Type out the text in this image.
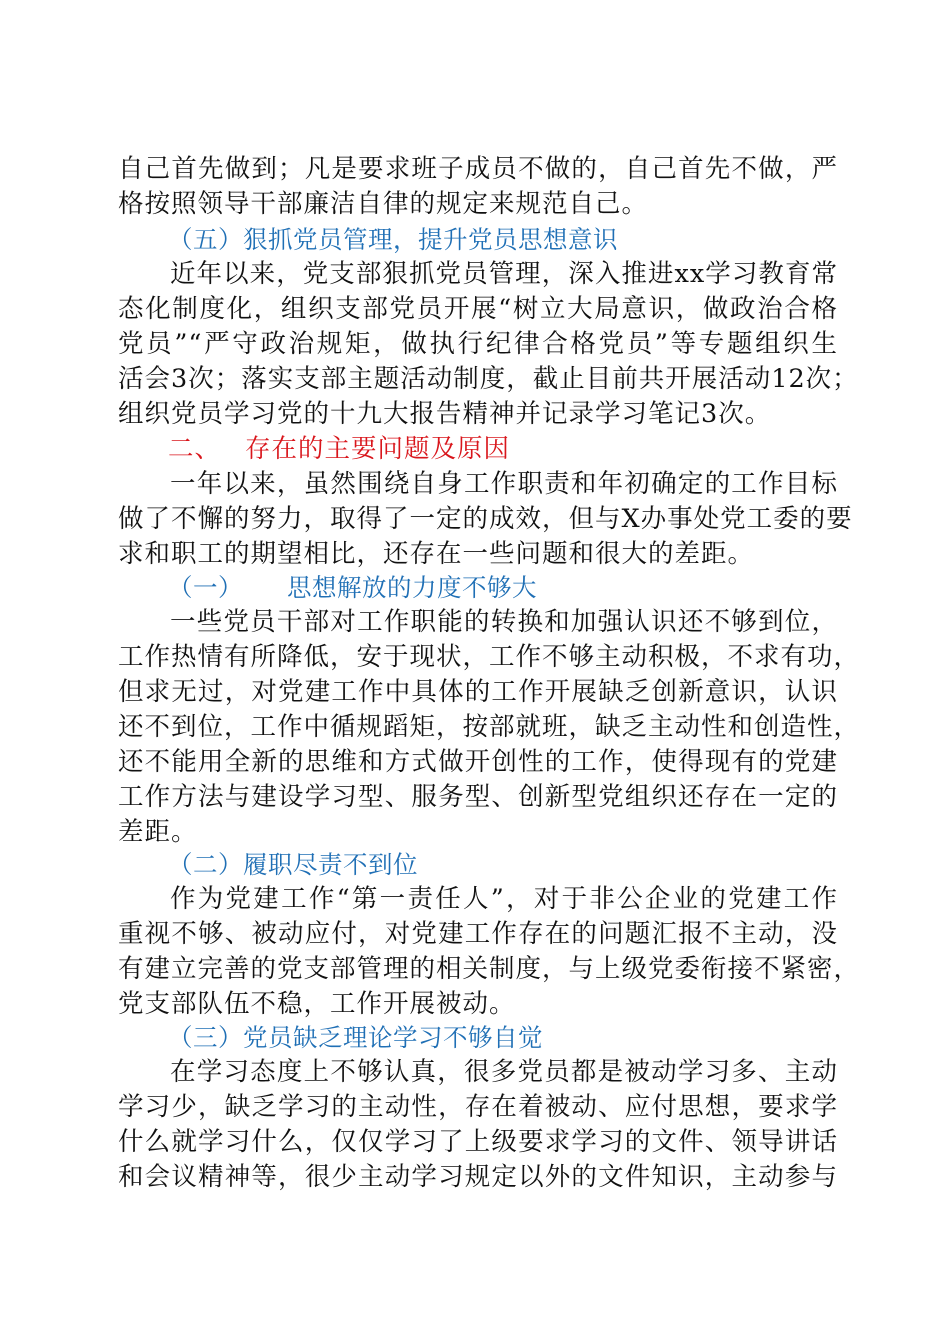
自己首先做到；凡是要求班子成员不做的，自己首先不做，严
格按照领导干部廉洁自律的规定来规范自己。
（五）狠抓党员管理，提升党员思想意识
近年以来，党支部狠抓党员管理，深入推进xx学习教育常
态化制度化，组织支部党员开展“树立大局意识，做政治合格
党员”“严守政治规矩，做执行纪律合格党员”等专题组织生
活会3次；落实支部主题活动制度，截止目前共开展活动12次；
组织党员学习党的十九大报告精神并记录学习笔记3次。
二、 存在的主要问题及原因
一年以来，虽然围绕自身工作职责和年初确定的工作目标
做了不懈的努力，取得了一定的成效，但与X办事处党工委的要
求和职工的期望相比，还存在一些问题和很大的差距。
（一） 思想解放的力度不够大
一些党员干部对工作职能的转换和加强认识还不够到位，
工作热情有所降低，安于现状，工作不够主动积极，不求有功，
但求无过，对党建工作中具体的工作开展缺乏创新意识，认识
还不到位，工作中循规蹈矩，按部就班，缺乏主动性和创造性，
还不能用全新的思维和方式做开创性的工作，使得现有的党建
工作方法与建设学习型、服务型、创新型党组织还存在一定的
差距。
（二）履职尽责不到位
作为党建工作“第一责任人”，对于非公企业的党建工作
重视不够、被动应付，对党建工作存在的问题汇报不主动，没
有建立完善的党支部管理的相关制度，与上级党委衔接不紧密，
党支部队伍不稳，工作开展被动。
（三）党员缺乏理论学习不够自觉
在学习态度上不够认真，很多党员都是被动学习多、主动
学习少，缺乏学习的主动性，存在着被动、应付思想，要求学
什么就学习什么，仅仅学习了上级要求学习的文件、领导讲话
和会议精神等，很少主动学习规定以外的文件知识，主动参与
